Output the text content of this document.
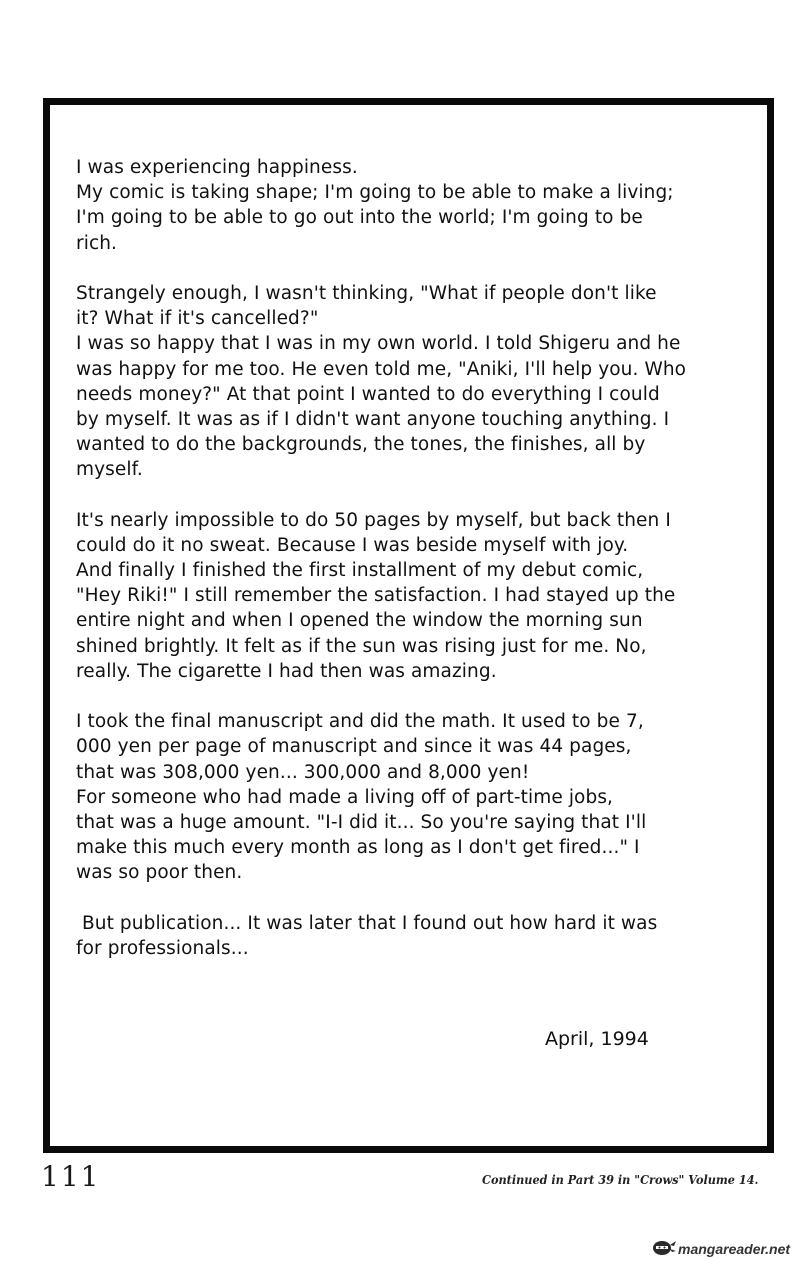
I was experiencing happiness.
My comic is taking shape; I'm going to be able to make a living;
I'm going to be able to go out into the world; I'm going to be
rich.
Strangely enough, I wasn't thinking, "What if people don't like
it? What if it's cancelled?"
I was so happy that I was in my own world. I told Shigeru and he
was happy for me too. He even told me, "Aniki, I'll help you. Who
needs money?" At that point I wanted to do everything I could
by myself. It was as if I didn't want anyone touching anything. I
wanted to do the backgrounds, the tones, the finishes, all by
myself.
It's nearly impossible to do 50 pages by myself, but back then I
could do it no sweat. Because I was beside myself with joy.
And finally I finished the first installment of my debut comic,
"Hey Riki!" I still remember the satisfaction. I had stayed up the
entire night and when I opened the window the morning sun
shined brightly. It felt as if the sun was rising just for me. No,
really. The cigarette I had then was amazing.
I took the final manuscript and did the math. It used to be 7,
000 yen per page of manuscript and since it was 44 pages,
that was 308,000 yen... 300,000 and 8,000 yen!
For someone who had made a living off of part-time jobs,
that was a huge amount. "I-I did it... So you're saying that I'll
make this much every month as long as I don't get fired..." I
was so poor then.
But publication... It was later that I found out how hard it was
for professionals...
April, 1994
111	Continued in Part 39 in "Crows" Volume 14.
mangareader.net
